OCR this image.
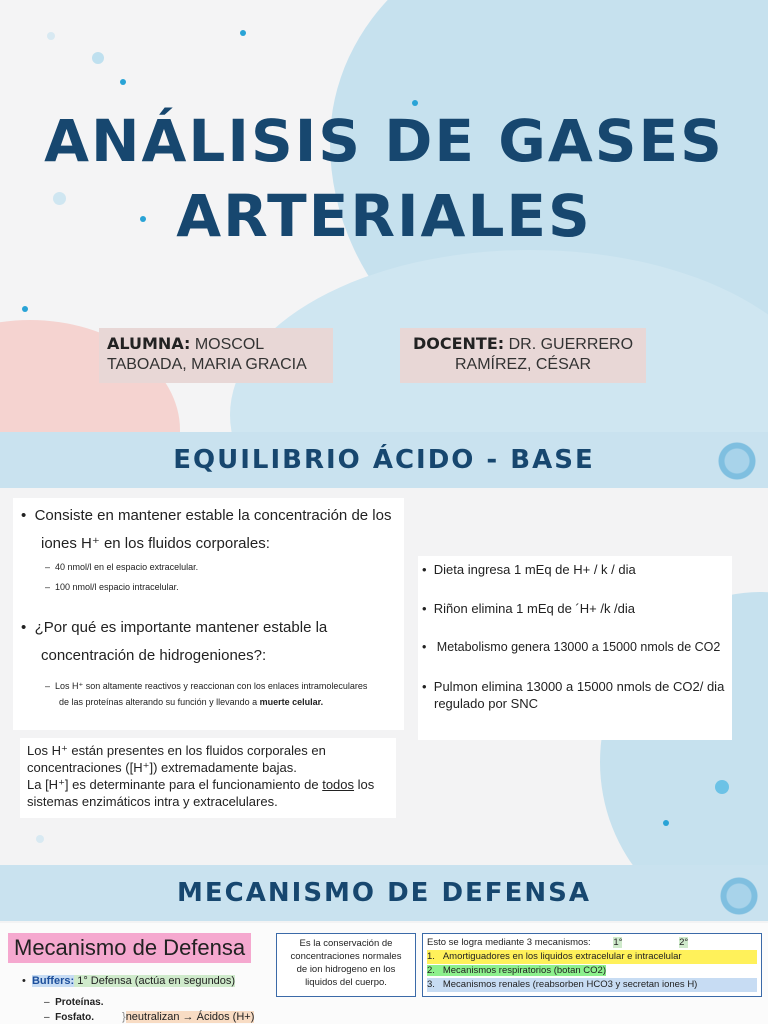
ANÁLISIS DE GASES
ARTERIALES
ALUMNA: MOSCOL
TABOADA, MARIA GRACIA
DOCENTE: DR. GUERRERO
RAMÍREZ, CÉSAR
EQUILIBRIO ÁCIDO - BASE
•  Consiste en mantener estable la concentración de los
iones H⁺ en los fluidos corporales:
–  40 nmol/l en el espacio extracelular.
–  100 nmol/l espacio intracelular.
•  ¿Por qué es importante mantener estable la
concentración de hidrogeniones?:
–  Los H⁺ son altamente reactivos y reaccionan con los enlaces intramoleculares
de las proteínas alterando su función y llevando a muerte celular.
Los H⁺ están presentes en los fluidos corporales en
concentraciones ([H⁺]) extremadamente bajas.
La [H⁺] es determinante para el funcionamiento de todos los
sistemas enzimáticos intra y extracelulares.
•  Dieta ingresa 1 mEq de H+ / k / dia
•  Riñon elimina 1 mEq de ´H+ /k /dia
•   Metabolismo genera 13000 a 15000 nmols de CO2
•  Pulmon elimina 13000 a 15000 nmols de CO2/ dia
regulado por SNC
MECANISMO DE DEFENSA
Mecanismo de Defensa
•  Buffers: 1° Defensa (actúa en segundos)
–  Proteínas.
–  Fosfato.	}neutralizan → Ácidos (H+)
Es la conservación de
concentraciones normales
de ion hidrogeno en los
liquidos del cuerpo.
Esto se logra mediante 3 mecanismos: 1°	2°
1.   Amortiguadores en los liquidos extracelular e intracelular
2.   Mecanismos respiratorios (botan CO2)
3.   Mecanismos renales (reabsorben HCO3 y secretan iones H)
